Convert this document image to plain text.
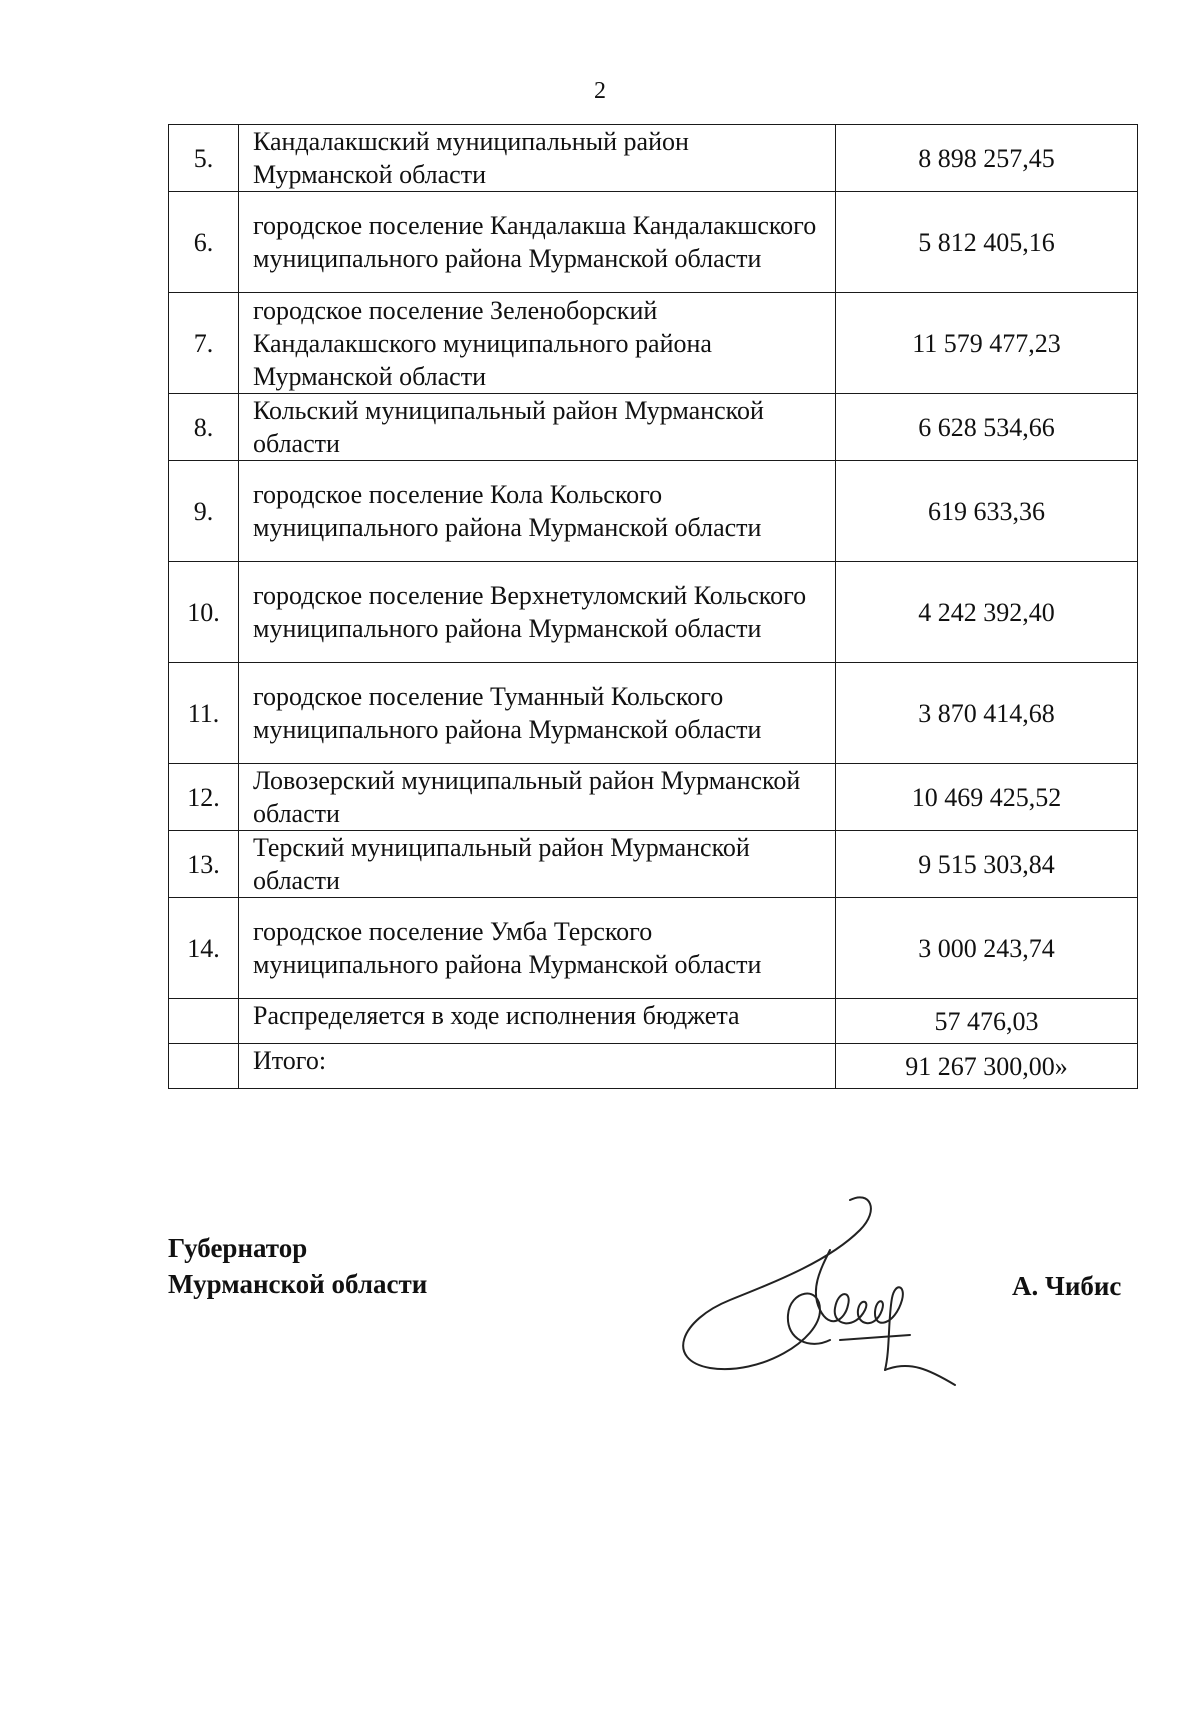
2
5.	Кандалакшский муниципальный район Мурманской области	8 898 257,45
6.	городское поселение Кандалакша Кандалакшского муниципального района Мурманской области	5 812 405,16
7.	городское поселение Зеленоборский Кандалакшского муниципального района Мурманской области	11 579 477,23
8.	Кольский муниципальный район Мурманской области	6 628 534,66
9.	городское поселение Кола Кольского муниципального района Мурманской области	619 633,36
10.	городское поселение Верхнетуломский Кольского муниципального района Мурманской области	4 242 392,40
11.	городское поселение Туманный Кольского муниципального района Мурманской области	3 870 414,68
12.	Ловозерский муниципальный район Мурманской области	10 469 425,52
13.	Терский муниципальный район Мурманской области	9 515 303,84
14.	городское поселение Умба Терского муниципального района Мурманской области	3 000 243,74
	Распределяется в ходе исполнения бюджета	57 476,03
	Итого:	91 267 300,00»
Губернатор
Мурманской области	А. Чибис
